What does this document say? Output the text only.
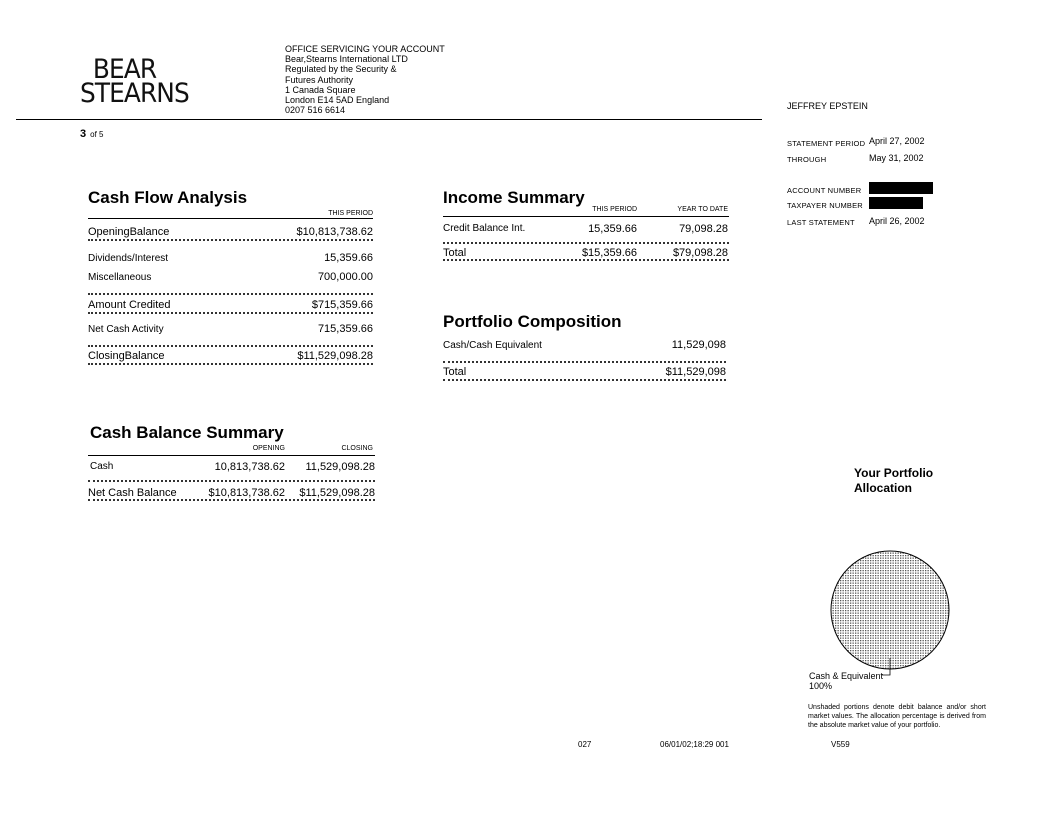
BEAR
STEARNS
OFFICE SERVICING YOUR ACCOUNT
Bear,Stearns International LTD
Regulated by the Security &
Futures Authority
1 Canada Square
London E14 5AD England
0207 516 6614	JEFFREY EPSTEIN
3 of 5
STATEMENT PERIOD April 27, 2002
THROUGH	May 31, 2002
ACCOUNT NUMBER
TAXPAYER NUMBER
LAST STATEMENT April 26, 2002
Cash Flow Analysis
THIS PERIOD
OpeningBalance	$10,813,738.62
Dividends/Interest	15,359.66
Miscellaneous	700,000.00
Amount Credited	$715,359.66
Net Cash Activity	715,359.66
ClosingBalance	$11,529,098.28
Income Summary
THIS PERIOD	YEAR TO DATE
Credit Balance Int.	15,359.66	79,098.28
Total	$15,359.66	$79,098.28
Portfolio Composition
Cash/Cash Equivalent	11,529,098
Total	$11,529,098
Cash Balance Summary
OPENING	CLOSING
Cash	10,813,738.62 11,529,098.28
Net Cash Balance	$10,813,738.62 $11,529,098.28
Your Portfolio
Allocation
Cash & Equivalent
100%
Unshaded portions denote debit balance and/or short market values. The allocation percentage is derived from the absolute market value of your portfolio.
027	06/01/02;18:29 001	V559
